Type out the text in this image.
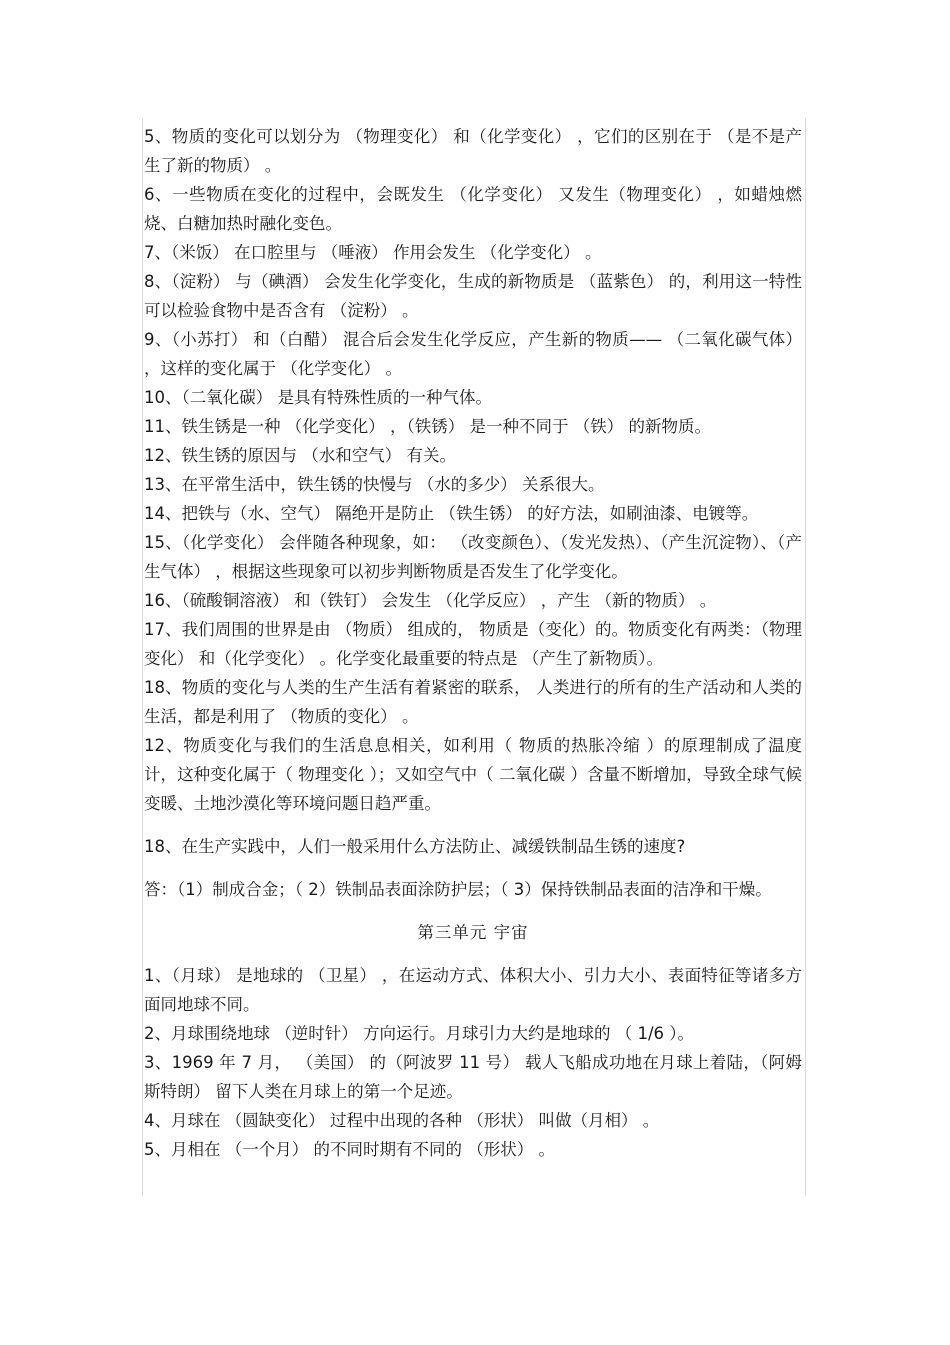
5、物质的变化可以划分为 （物理变化） 和（化学变化） ，它们的区别在于 （是不是产生了新的物质） 。

6、一些物质在变化的过程中，会既发生 （化学变化） 又发生（物理变化） ，如蜡烛燃烧、白糖加热时融化变色。

7、（米饭） 在口腔里与 （唾液） 作用会发生 （化学变化） 。

8、（淀粉） 与（碘酒） 会发生化学变化，生成的新物质是 （蓝紫色） 的，利用这一特性可以检验食物中是否含有 （淀粉） 。

9、（小苏打） 和（白醋） 混合后会发生化学反应，产生新的物质—— （二氧化碳气体） ，这样的变化属于 （化学变化） 。

10、（二氧化碳） 是具有特殊性质的一种气体。

11、铁生锈是一种 （化学变化） ，（铁锈） 是一种不同于 （铁） 的新物质。

12、铁生锈的原因与 （水和空气） 有关。

13、在平常生活中，铁生锈的快慢与 （水的多少） 关系很大。

14、把铁与（水、空气） 隔绝开是防止 （铁生锈） 的好方法，如刷油漆、电镀等。

15、（化学变化） 会伴随各种现象，如： （改变颜色）、（发光发热）、（产生沉淀物）、（产生气体） ，根据这些现象可以初步判断物质是否发生了化学变化。

16、（硫酸铜溶液） 和（铁钉） 会发生 （化学反应） ，产生 （新的物质） 。

17、我们周围的世界是由 （物质） 组成的， 物质是（变化）的。物质变化有两类：（物理变化） 和（化学变化） 。化学变化最重要的特点是 （产生了新物质）。

18、物质的变化与人类的生产生活有着紧密的联系， 人类进行的所有的生产活动和人类的生活，都是利用了 （物质的变化） 。

12、物质变化与我们的生活息息相关，如利用（ 物质的热胀冷缩 ）的原理制成了温度计，这种变化属于（ 物理变化 ）；又如空气中（ 二氧化碳 ）含量不断增加，导致全球气候变暖、土地沙漠化等环境问题日趋严重。

18、在生产实践中，人们一般采用什么方法防止、减缓铁制品生锈的速度?

答：（1）制成合金；（ 2）铁制品表面涂防护层；（ 3）保持铁制品表面的洁净和干燥。

第三单元 宇宙

1、（月球） 是地球的 （卫星） ，在运动方式、体积大小、引力大小、表面特征等诸多方面同地球不同。

2、月球围绕地球 （逆时针） 方向运行。月球引力大约是地球的 （ 1/6 ）。

3、1969 年 7 月， （美国） 的（阿波罗 11 号） 载人飞船成功地在月球上着陆，（阿姆斯特朗） 留下人类在月球上的第一个足迹。

4、月球在 （圆缺变化） 过程中出现的各种 （形状） 叫做（月相） 。

5、月相在 （一个月） 的不同时期有不同的 （形状） 。
